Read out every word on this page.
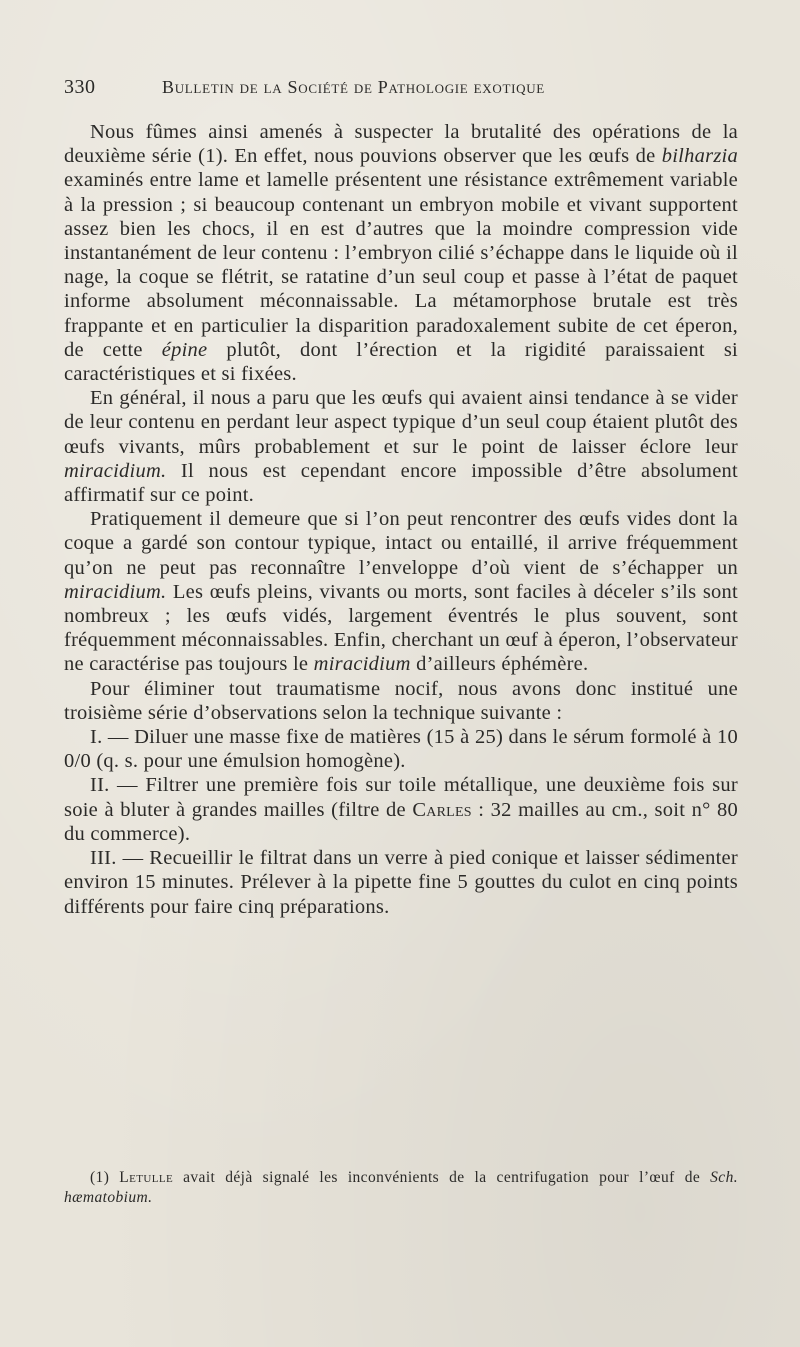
330	Bulletin de la Société de Pathologie exotique

Nous fûmes ainsi amenés à suspecter la brutalité des opérations de la deuxième série (1). En effet, nous pouvions observer que les œufs de bilharzia examinés entre lame et lamelle présentent une résistance extrêmement variable à la pression ; si beaucoup contenant un embryon mobile et vivant supportent assez bien les chocs, il en est d’autres que la moindre compression vide instantanément de leur contenu : l’embryon cilié s’échappe dans le liquide où il nage, la coque se flétrit, se ratatine d’un seul coup et passe à l’état de paquet informe absolument méconnaissable. La métamorphose brutale est très frappante et en particulier la disparition paradoxalement subite de cet éperon, de cette épine plutôt, dont l’érection et la rigidité paraissaient si caractéristiques et si fixées.

En général, il nous a paru que les œufs qui avaient ainsi tendance à se vider de leur contenu en perdant leur aspect typique d’un seul coup étaient plutôt des œufs vivants, mûrs probablement et sur le point de laisser éclore leur miracidium. Il nous est cependant encore impossible d’être absolument affirmatif sur ce point.

Pratiquement il demeure que si l’on peut rencontrer des œufs vides dont la coque a gardé son contour typique, intact ou entaillé, il arrive fréquemment qu’on ne peut pas reconnaître l’enveloppe d’où vient de s’échapper un miracidium. Les œufs pleins, vivants ou morts, sont faciles à déceler s’ils sont nombreux ; les œufs vidés, largement éventrés le plus souvent, sont fréquemment méconnaissables. Enfin, cherchant un œuf à éperon, l’observateur ne caractérise pas toujours le miracidium d’ailleurs éphémère.

Pour éliminer tout traumatisme nocif, nous avons donc institué une troisième série d’observations selon la technique suivante :

I. — Diluer une masse fixe de matières (15 à 25) dans le sérum formolé à 10 0/0 (q. s. pour une émulsion homogène).

II. — Filtrer une première fois sur toile métallique, une deuxième fois sur soie à bluter à grandes mailles (filtre de Carles : 32 mailles au cm., soit n° 80 du commerce).

III. — Recueillir le filtrat dans un verre à pied conique et laisser sédimenter environ 15 minutes. Prélever à la pipette fine 5 gouttes du culot en cinq points différents pour faire cinq préparations.

(1) Letulle avait déjà signalé les inconvénients de la centrifugation pour l’œuf de Sch. hæmatobium.
